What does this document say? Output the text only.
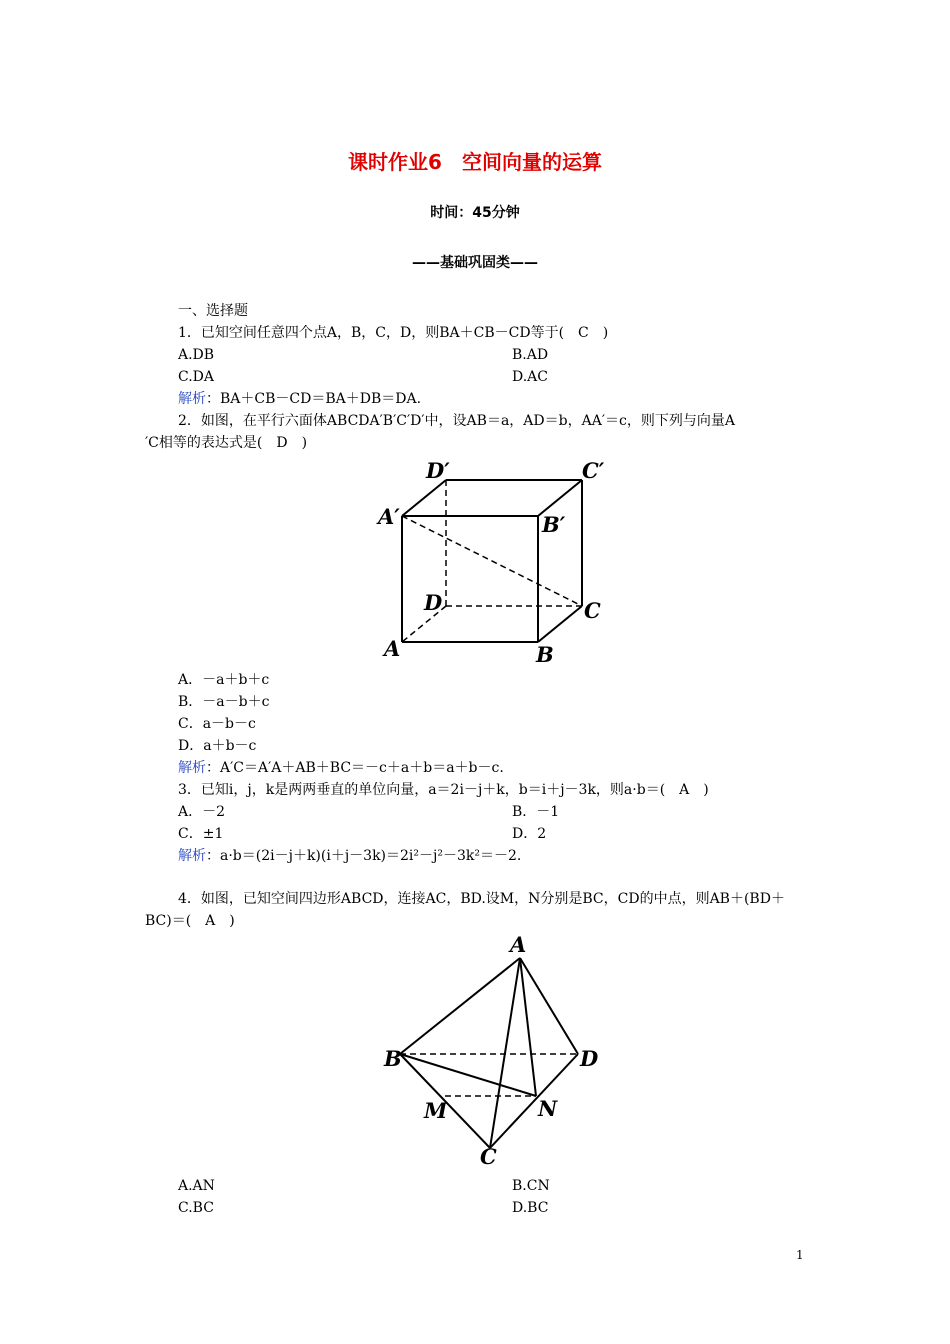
课时作业6　空间向量的运算
时间：45分钟
——基础巩固类——
一、选择题
1．已知空间任意四个点A，B，C，D，则BA＋CB－CD等于(　C　)
A.DB	B.AD
C.DA	D.AC
解析：BA＋CB－CD＝BA＋DB＝DA.
2．如图，在平行六面体ABCDA′B′C′D′中，设AB＝a，AD＝b，AA′＝c，则下列与向量A
′C相等的表达式是(　D　)
D′	C′
A′	B′
D	C
A	B
A．－a＋b＋c
B．－a－b＋c
C．a－b－c
D．a＋b－c
解析：A′C＝A′A＋AB＋BC＝－c＋a＋b＝a＋b－c.
3．已知i，j，k是两两垂直的单位向量，a＝2i－j＋k，b＝i＋j－3k，则a·b＝(　A　)
A．－2	B．－1
C．±1	D．2
解析：a·b＝(2i－j＋k)(i＋j－3k)＝2i²－j²－3k²＝－2.
4．如图，已知空间四边形ABCD，连接AC，BD.设M，N分别是BC，CD的中点，则AB＋(BD＋
BC)＝(　A　)
A
B	D
M	N
C
A.AN	B.CN
C.BC	D.BC
1
